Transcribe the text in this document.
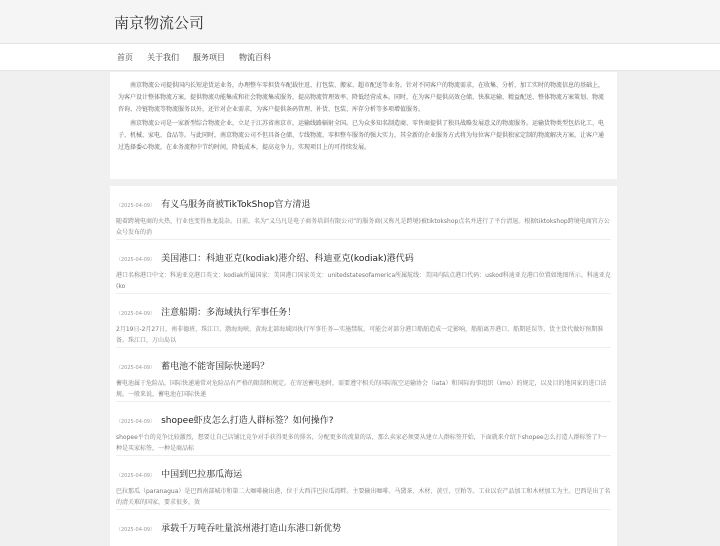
南京物流公司
首页	关于我们	服务项目	物流百科

南京物流公司提供国内长短途货运业务，办理整车零担货车配载往返、打包装、搬家、超市配送等业务。针对不同客户的物流需求，在收集、分析、加工实时的物流信息的基础上，为客户设计整体物流方案，提供物流功能集成和社会物流集成服务，提高物流管理效率、降低经营成本。同时，在为客户提供高效仓储、快准运输、精益配送、整体物流方案策划、物流咨询、冷链物流等物流服务以外，还针对企业需求，为客户提供条码管理、补货、包装、库存分析等多项增值服务。

南京物流公司是一家新型综合物流企业，立足于江苏省南京市，运输线路辐射全国。已为众多知名制造商、零售商提供了独具战略发展意义的物流服务。运输货物类型包括化工、电子、机械、家电、食品等。与此同时，南京物流公司不但具备仓储、专线物流、零担整车服务的强大实力，其全新的企业服务方式将为每位客户提供独家定制的物流解决方案，让客户通过选择委心物流，在业务流程中节约时间，降低成本，提高竞争力，实现项目上的可持续发展。

（2025-04-09） 有义乌服务商被TikTokShop官方清退
随着跨境电商的火热，行业也变得鱼龙混杂。日前，名为“义乌凡是电子商务培训有限公司”的服务商(又称凡是跨境)被tiktokshop点名并进行了平台清退。根据tiktokshop跨境电商官方公众号发布的消
（2025-04-09） 美国港口：科迪亚克(kodiak)港介绍、科迪亚克(kodiak)港代码
港口名称港口中文：科迪亚克港口英文：kodiak所属国家：美国港口国家英文：unitedstatesofamerica所属航线：美国内陆点港口代码：uskod科迪亚克港口位置如地图所示。科迪亚克(ko
（2025-04-09） 注意船期：多海域执行军事任务！
2月19日-2月27日，南非德班、珠江口、渤海海峡、黄海北部海域因执行军事任务—实施禁航。可能会对部分港口船舶造成一定影响，船舶离开港口、船期延误等，货主货代做好预期准备。珠江口，万山岛以
（2025-04-09） 蓄电池不能寄国际快递吗？
蓄电池属于危险品，国际快递通常对危险品有严格的限制和规定。在寄送蓄电池时，需要遵守相关的国际航空运输协会（iata）和国际海事组织（imo）的规定，以及目的地国家的进口法规。一般来说，蓄电池在国际快递
（2025-04-09） shopee虾皮怎么打造人群标签？如何操作?
shopee平台的竞争比较激烈，想要让自己店铺比竞争对手获得更多的排名，分配更多的流量的话，那么卖家必须要从建立人群标签开始，下面就来介绍下shopee怎么打造人群标签了?一种是买家标签，一种是商品标
（2025-04-09） 中国到巴拉那瓜海运
巴拉那瓜（paranagua）是巴西南部城市和第二大咖啡输出港，位于大西洋巴拉瓜湾畔。主要输出咖啡、马黛茶、木材、黄豆、豆粕等。工业以农产品加工和木材加工为主。巴西是出了名的清关难的国家，要求很多，效
（2025-04-09） 承载千万吨吞吐量滨州港打造山东港口新优势
